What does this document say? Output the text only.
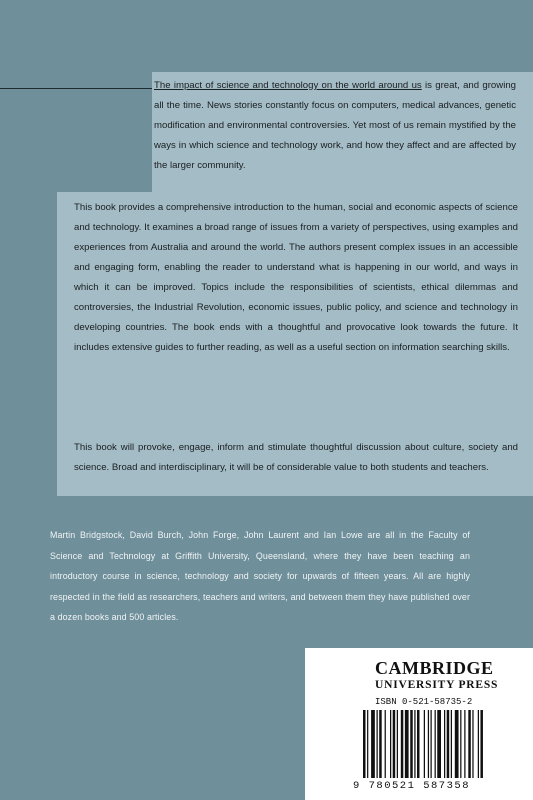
The impact of science and technology on the world around us is great, and growing all the time. News stories constantly focus on computers, medical advances, genetic modification and environmental controversies. Yet most of us remain mystified by the ways in which science and technology work, and how they affect and are affected by the larger community.
This book provides a comprehensive introduction to the human, social and economic aspects of science and technology. It examines a broad range of issues from a variety of perspectives, using examples and experiences from Australia and around the world. The authors present complex issues in an accessible and engaging form, enabling the reader to understand what is happening in our world, and ways in which it can be improved. Topics include the responsibilities of scientists, ethical dilemmas and controversies, the Industrial Revolution, economic issues, public policy, and science and technology in developing countries. The book ends with a thoughtful and provocative look towards the future. It includes extensive guides to further reading, as well as a useful section on information searching skills.
This book will provoke, engage, inform and stimulate thoughtful discussion about culture, society and science. Broad and interdisciplinary, it will be of considerable value to both students and teachers.
Martin Bridgstock, David Burch, John Forge, John Laurent and Ian Lowe are all in the Faculty of Science and Technology at Griffith University, Queensland, where they have been teaching an introductory course in science, technology and society for upwards of fifteen years. All are highly respected in the field as researchers, teachers and writers, and between them they have published over a dozen books and 500 articles.
CAMBRIDGE
UNIVERSITY PRESS
ISBN 0-521-58735-2
9 780521 587358
